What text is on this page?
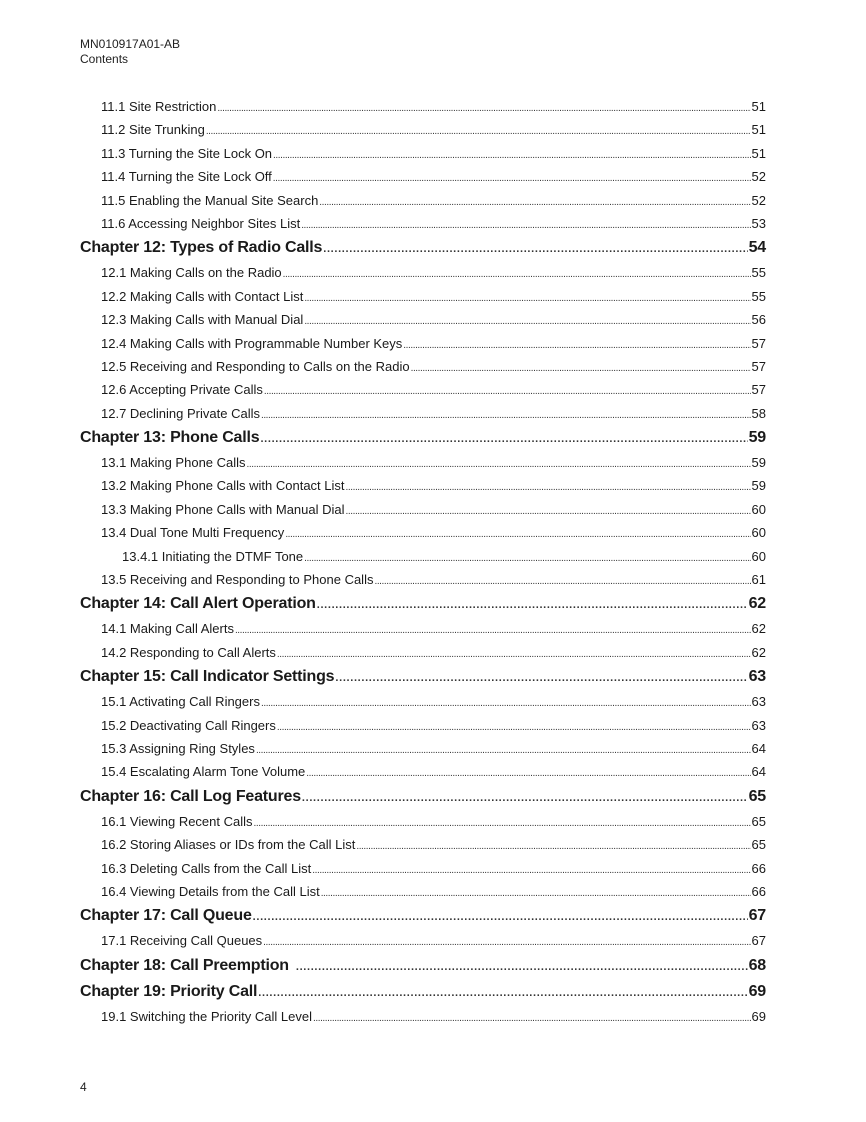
MN010917A01-AB
Contents
11.1 Site Restriction . . .	51
11.2 Site Trunking . . .	51
11.3 Turning the Site Lock On . . .	51
11.4 Turning the Site Lock Off . . .	52
11.5 Enabling the Manual Site Search . . .	52
11.6 Accessing Neighbor Sites List . . .	53
Chapter 12: Types of Radio Calls . . .	54
12.1 Making Calls on the Radio . . .	55
12.2 Making Calls with Contact List . . .	55
12.3 Making Calls with Manual Dial . . .	56
12.4 Making Calls with Programmable Number Keys . . .	57
12.5 Receiving and Responding to Calls on the Radio . . .	57
12.6 Accepting Private Calls . . .	57
12.7 Declining Private Calls . . .	58
Chapter 13: Phone Calls . . .	59
13.1 Making Phone Calls . . .	59
13.2 Making Phone Calls with Contact List . . .	59
13.3 Making Phone Calls with Manual Dial . . .	60
13.4 Dual Tone Multi Frequency . . .	60
13.4.1 Initiating the DTMF Tone . . .	60
13.5 Receiving and Responding to Phone Calls . . .	61
Chapter 14: Call Alert Operation . . .	62
14.1 Making Call Alerts . . .	62
14.2 Responding to Call Alerts . . .	62
Chapter 15: Call Indicator Settings . . .	63
15.1 Activating Call Ringers . . .	63
15.2 Deactivating Call Ringers . . .	63
15.3 Assigning Ring Styles . . .	64
15.4 Escalating Alarm Tone Volume . . .	64
Chapter 16: Call Log Features . . .	65
16.1 Viewing Recent Calls . . .	65
16.2 Storing Aliases or IDs from the Call List . . .	65
16.3 Deleting Calls from the Call List . . .	66
16.4 Viewing Details from the Call List . . .	66
Chapter 17: Call Queue . . .	67
17.1 Receiving Call Queues . . .	67
Chapter 18: Call Preemption . . .	68
Chapter 19: Priority Call . . .	69
19.1 Switching the Priority Call Level . . .	69
4
